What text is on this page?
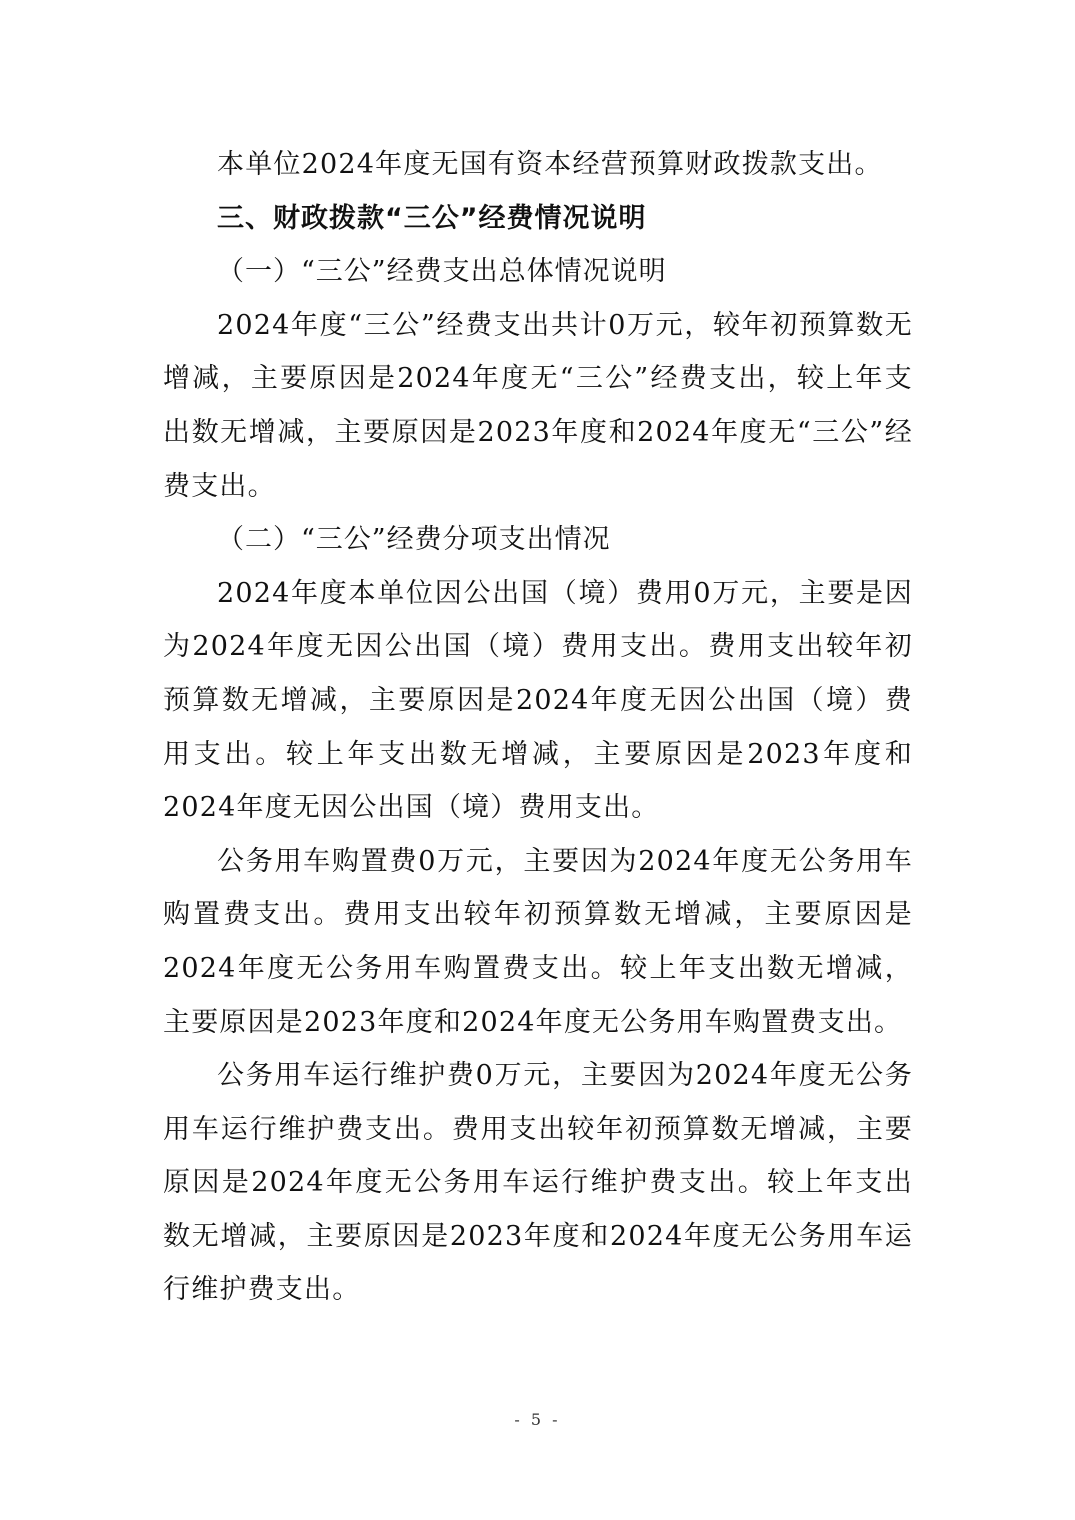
本单位2024年度无国有资本经营预算财政拨款支出。

三、财政拨款“三公”经费情况说明

（一）“三公”经费支出总体情况说明

2024年度“三公”经费支出共计0万元，较年初预算数无增减，主要原因是2024年度无“三公”经费支出，较上年支出数无增减，主要原因是2023年度和2024年度无“三公”经费支出。

（二）“三公”经费分项支出情况

2024年度本单位因公出国（境）费用0万元，主要是因为2024年度无因公出国（境）费用支出。费用支出较年初预算数无增减，主要原因是2024年度无因公出国（境）费用支出。较上年支出数无增减，主要原因是2023年度和2024年度无因公出国（境）费用支出。

公务用车购置费0万元，主要因为2024年度无公务用车购置费支出。费用支出较年初预算数无增减，主要原因是2024年度无公务用车购置费支出。较上年支出数无增减，主要原因是2023年度和2024年度无公务用车购置费支出。

公务用车运行维护费0万元，主要因为2024年度无公务用车运行维护费支出。费用支出较年初预算数无增减，主要原因是2024年度无公务用车运行维护费支出。较上年支出数无增减，主要原因是2023年度和2024年度无公务用车运行维护费支出。

- 5 -
